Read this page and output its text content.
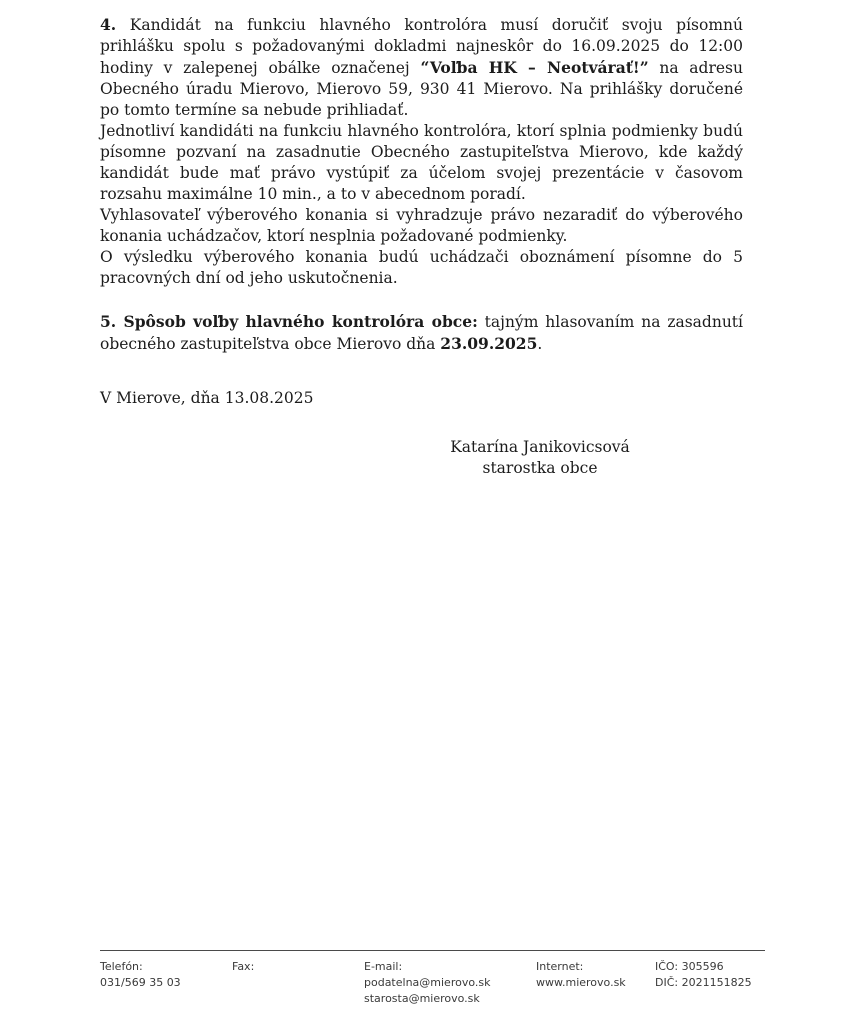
4. Kandidát na funkciu hlavného kontrolóra musí doručiť svoju písomnú prihlášku spolu s požadovanými dokladmi najneskôr do 16.09.2025 do 12:00 hodiny v zalepenej obálke označenej “Voľba HK – Neotvárať!” na adresu Obecného úradu Mierovo, Mierovo 59, 930 41 Mierovo. Na prihlášky doručené po tomto termíne sa nebude prihliadať.

Jednotliví kandidáti na funkciu hlavného kontrolóra, ktorí splnia podmienky budú písomne pozvaní na zasadnutie Obecného zastupiteľstva Mierovo, kde každý kandidát bude mať právo vystúpiť za účelom svojej prezentácie v časovom rozsahu maximálne 10 min., a to v abecednom poradí.

Vyhlasovateľ výberového konania si vyhradzuje právo nezaradiť do výberového konania uchádzačov, ktorí nesplnia požadované podmienky.

O výsledku výberového konania budú uchádzači oboznámení písomne do 5 pracovných dní od jeho uskutočnenia.

5. Spôsob voľby hlavného kontrolóra obce: tajným hlasovaním na zasadnutí obecného zastupiteľstva obce Mierovo dňa 23.09.2025.

V Mierove, dňa 13.08.2025

Katarína Janikovicsová
starostka obce
Telefón:
031/569 35 03
Fax:	E-mail:
podatelna@mierovo.sk
starosta@mierovo.sk
Internet:
www.mierovo.sk
IČO: 305596
DIČ: 2021151825
